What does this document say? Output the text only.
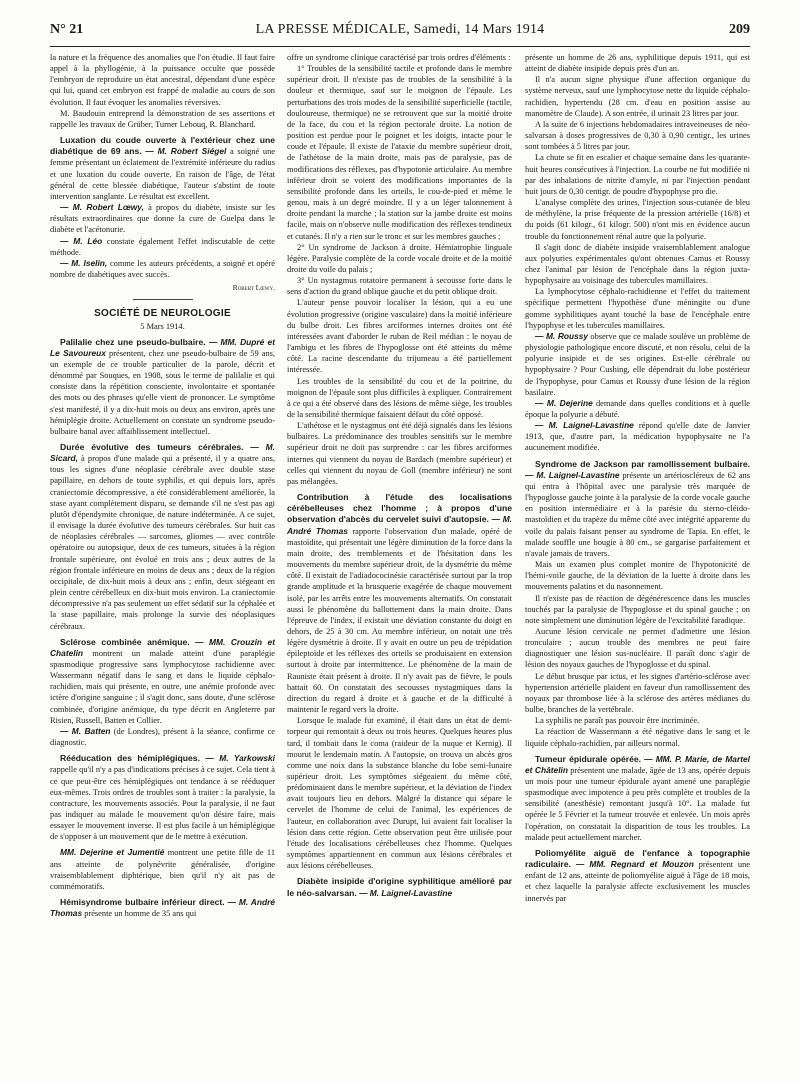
N° 21	LA PRESSE MÉDICALE, Samedi, 14 Mars 1914	209

la nature et la fréquence des anomalies que l'on étudie. Il faut faire appel à la phyllogénie, à la puissance occulte que possède l'embryon de reproduire un état ancestral, dépendant d'une espèce qui lui, quand cet embryon est frappé de maladie au cours de son évolution. Il faut évoquer les anomalies réversives.

M. Baudouin entreprend la démonstration de ses assertions et rappelle les travaux de Grüber, Turner Lebouq, R. Blanchard.

Luxation du coude ouverte à l'extérieur chez une diabétique de 69 ans. — M. Robert Siégel a soigné une femme présentant un éclatement de l'extrémité inférieure du radius et une luxation du coude ouverte. En raison de l'âge, de l'état général de cette blessée diabétique, l'auteur s'abstint de toute intervention sanglante. Le résultat est excellent.

— M. Robert Lœwy, à propos du diabète, insiste sur les résultats extraordinaires que donne la cure de Guelpa dans le diabète et l'acétonurie.

— M. Léo constate également l'effet indiscutable de cette méthode.

— M. Iselin, comme les auteurs précédents, a soigné et opéré nombre de diabétiques avec succès.

Robert Lœwy.

SOCIÉTÉ DE NEUROLOGIE

5 Mars 1914.

Palilalie chez une pseudo-bulbaire. — MM. Dupré et Le Savoureux présentent, chez une pseudo-bulbaire de 59 ans, un exemple de ce trouble particulier de la parole, décrit et dénommé par Souques, en 1908, sous le terme de palilalie et qui consiste dans la répétition consciente, involontaire et spontanée des mots ou des phrases qu'elle vient de prononcer. Le symptôme s'est manifesté, il y a dix-huit mois ou deux ans environ, après une hémiplégie droite. Actuellement on constate un syndrome pseudo-bulbaire banal avec affaiblissement intellectuel.

Durée évolutive des tumeurs cérébrales. — M. Sicard, à propos d'une malade qui a présenté, il y a quatre ans, tous les signes d'une néoplasie cérébrale avec double stase papillaire, en dehors de toute syphilis, et qui depuis lors, après craniectomie décompressive, a été considérablement améliorée, la stase ayant complètement disparu, se demande s'il ne s'est pas agi plutôt d'épendymite chronique, de nature indéterminée. A ce sujet, il envisage la durée évolutive des tumeurs cérébrales. Sur huit cas de néoplasies cérébrales — sarcomes, gliomes — avec contrôle opératoire ou autopsique, deux de ces tumeurs, situées à la région frontale supérieure, ont évolué en trois ans ; deux autres de la région frontale inférieure en moins de deux ans ; deux de la région occipitale, de dix-huit mois à deux ans ; enfin, deux siégeant en plein centre cérébelleux en dix-huit mois environ. La craniectomie décompressive n'a pas seulement un effet sédatif sur la céphalée et la stase papillaire, mais prolonge la survie des néoplasiques cérébraux.

Sclérose combinée anémique. — MM. Crouzin et Chatelin montrent un malade atteint d'une paraplégie spasmodique progressive sans lymphocytose rachidienne avec Wassermann négatif dans le sang et dans le liquide céphalo-rachidien, mais qui présente, en outre, une anémie profonde avec ictère d'origine sanguine ; il s'agit donc, sans doute, d'une sclérose combinée, d'origine anémique, du type décrit en Angleterre par Risien, Russell, Batten et Collier.

— M. Batten (de Londres), présent à la séance, confirme ce diagnostic.

Rééducation des hémiplégiques. — M. Yarkowski rappelle qu'il n'y a pas d'indications précises à ce sujet. Cela tient à ce que peut-être ces hémiplégiques ont tendance à se rééduquer eux-mêmes. Trois ordres de troubles sont à traiter : la paralysie, la contracture, les mouvements associés. Pour la paralysie, il ne faut pas indiquer au malade le mouvement qu'on désire faire, mais essayer le mouvement inverse. Il est plus facile à un hémiplégique de s'opposer à un mouvement que de le mettre à exécution.

MM. Dejerine et Jumentié montrent une petite fille de 11 ans atteinte de polynévrite généralisée, d'origine vraisemblablement diphtérique, bien qu'il n'y ait pas de commémoratifs.

Hémisyndrome bulbaire inférieur direct. — M. André Thomas présente un homme de 35 ans qui

offre un syndrome clinique caractérisé par trois ordres d'éléments :

1° Troubles de la sensibilité tactile et profonde dans le membre supérieur droit. Il n'existe pas de troubles de la sensibilité à la douleur et thermique, sauf sur le moignon de l'épaule. Les perturbations des trois modes de la sensibilité superficielle (tactile, douloureuse, thermique) ne se retrouvent que sur la moitié droite de la face, du cou et la région pectorale droite. La notion de position est perdue pour le poignet et les doigts, intacte pour le coude et l'épaule. Il existe de l'ataxie du membre supérieur droit, de l'athétose de la main droite, mais pas de paralysie, pas de modifications des réflexes, pas d'hypotonie articulaire. Au membre inférieur droit se voient des modifications importantes de la sensibilité profonde dans les orteils, le cou-de-pied et même le genou, mais à un degré moindre. Il y a un léger talonnement à droite pendant la marche ; la station sur la jambe droite est moins facile, mais on n'observe nulle modification des réflexes tendineux et cutanés. Il n'y a rien sur le tronc et sur les membres gauches ;

2° Un syndrome de Jackson à droite. Hémiatrophie linguale légère. Paralysie complète de la corde vocale droite et de la moitié droite du voile du palais ;

3° Un nystagmus rotatoire permanent à secousse forte dans le sens d'action du grand oblique gauche et du petit oblique droit.

L'auteur pense pouvoir localiser la lésion, qui a eu une évolution progressive (origine vasculaire) dans la moitié inférieure du bulbe droit. Les fibres arciformes internes droites ont été intéressées avant d'aborder le ruban de Reil médian : le noyau de l'ambigu et les fibres de l'hypoglosse ont été atteints du même côté. La racine descendante du trijumeau a été partiellement intéressée.

Les troubles de la sensibilité du cou et de la poitrine, du moignon de l'épaule sont plus difficiles à expliquer. Contrairement à ce qui a été observé dans des lésions de même siège, les troubles de la sensibilité thermique faisaient défaut du côté opposé.

L'athétose et le nystagmus ont été déjà signalés dans les lésions bulbaires. La prédominance des troubles sensitifs sur le membre supérieur droit ne doit pas surprendre : car les fibres arciformes internes qui viennent du noyau de Bardach (membre supérieur) et celles qui viennent du noyau de Goll (membre inférieur) ne sont pas mélangées.

Contribution à l'étude des localisations cérébelleuses chez l'homme ; à propos d'une observation d'abcès du cervelet suivi d'autopsie. — M. André Thomas rapporte l'observation d'un malade, opéré de mastoïdite, qui présentait une légère diminution de la force dans la main droite, des tremblements et de l'hésitation dans les mouvements du membre supérieur droit, de la dysmétrie du même côté. Il existait de l'adiadococinésie caractérisée surtout par la trop grande amplitude et la brusquerie exagérée de chaque mouvement isolé, par les arrêts entre les mouvements alternatifs. On constatait aussi le phénomène du ballottement dans la main droite. Dans l'épreuve de l'index, il existait une déviation constante du doigt en dehors, de 25 à 30 cm. Au membre inférieur, on notait une très légère dysmétrie à droite. Il y avait en outre un peu de trépidation épileptoïde et les réflexes des orteils se produisaient en extension surtout à droite par intermittence. Le phénomène de la main de Rauniste était présent à droite. Il n'y avait pas de fièvre, le pouls battait 60. On constatait des secousses nystagmiques dans la direction du regard à droite et à gauche et de la difficulté à maintenir le regard vers la droite.

Lorsque le malade fut examiné, il était dans un état de demi-torpeur qui remontait à deux ou trois heures. Quelques heures plus tard, il tombait dans le coma (raideur de la nuque et Kernig). Il mourut le lendemain matin. A l'autopsie, on trouva un abcès gros comme une noix dans la substance blanche du lobe semi-lunaire supérieur droit. Les symptômes siégeaient du même côté, prédominaient dans le membre supérieur, et la déviation de l'index avait toujours lieu en dehors. Malgré la distance qui sépare le cervelet de l'homme de celui de l'animal, les expériences de l'auteur, en collaboration avec Durupt, lui avaient fait localiser la lésion dans cette région. Cette observation peut être utilisée pour l'étude des localisations cérébelleuses chez l'homme. Quelques symptômes appartiennent en commun aux lésions cérébrales et aux lésions cérébelleuses.

Diabète insipide d'origine syphilitique amélioré par le néo-salvarsan. — M. Laignel-Lavastine

présente un homme de 26 ans, syphilitique depuis 1911, qui est atteint de diabète insipide depuis près d'un an.

Il n'a aucun signe physique d'une affection organique du système nerveux, sauf une lymphocytose nette du liquide céphalo-rachidien, hypertendu (28 cm. d'eau en position assise au manomètre de Claude). A son entrée, il urinait 23 litres par jour.

A la suite de 6 injections hebdomadaires intraveineuses de néo-salvarsan à doses progressives de 0,30 à 0,90 centigr., les urines sont tombées à 5 litres par jour.

La chute se fit en escalier et chaque semaine dans les quarante-huit heures consécutives à l'injection. La courbe ne fut modifiée ni par des inhalations de nitrite d'amyle, ni par l'injection pendant huit jours de 0,30 centigr. de poudre d'hypophyse pro die.

L'analyse complète des urines, l'injection sous-cutanée de bleu de méthylène, la prise fréquente de la pression artérielle (16/8) et du poids (61 kilogr., 61 kilogr. 500) n'ont mis en évidence aucun trouble du fonctionnement rénal autre que la polyurie.

Il s'agit donc de diabète insipide vraisemblablement analogue aux polyuries expérimentales qu'ont obtenues Camus et Roussy chez l'animal par lésion de l'encéphale dans la région juxta-hypophysaire au voisinage des tubercules mamillaires.

La lymphocytose céphalo-rachidienne et l'effet du traitement spécifique permettent l'hypothèse d'une méningite ou d'une gomme syphilitiques ayant touché la base de l'encéphale entre l'hypophyse et les tubercules mamillaires.

— M. Roussy observe que ce malade soulève un problème de physiologie pathologique encore discuté, et non résolu, celui de la polyurie insipide et de ses origines. Est-elle cérébrale ou hypophysaire ? Pour Cushing, elle dépendrait du lobe postérieur de l'hypophyse, pour Camus et Roussy d'une lésion de la région basilaire.

— M. Dejerine demande dans quelles conditions et à quelle époque la polyurie a débuté.

— M. Laignel-Lavastine répond qu'elle date de Janvier 1913, que, d'autre part, la médication hypophysaire ne l'a aucunement modifiée.

Syndrome de Jackson par ramollissement bulbaire. — M. Laignel-Lavastine présente un artérioscléreux de 62 ans qui entra à l'hôpital avec une paralysie très marquée de l'hypoglosse gauche jointe à la paralysie de la corde vocale gauche en position intermédiaire et à la parésie du sterno-cléido-mastoïdien et du trapèze du même côté avec intégrité apparente du voile du palais faisant penser au syndrome de Tapia. En effet, le malade souffle une bougie à 80 cm., se gargarise parfaitement et n'avale jamais de travers.

Mais un examen plus complet montre de l'hypotonicité de l'hémi-voile gauche, de la déviation de la luette à droite dans les mouvements palatins et du nasonnement.

Il n'existe pas de réaction de dégénérescence dans les muscles touchés par la paralysie de l'hypoglosse et du spinal gauche ; on note simplement une diminution légère de l'excitabilité faradique.

Aucune lésion cervicale ne permet d'admettre une lésion tronculaire ; aucun trouble des membres ne peut faire diagnostiquer une lésion sus-nucléaire. Il paraît donc s'agir de lésion des noyaux gauches de l'hypoglosse et du spinal.

Le début brusque par ictus, et les signes d'artério-sclérose avec hypertension artérielle plaident en faveur d'un ramollissement des noyaux par thrombose liée à la sclérose des artères médianes du bulbe, branches de la vertébrale.

La syphilis ne paraît pas pouvoir être incriminée.

La réaction de Wassermann a été négative dans le sang et le liquide céphalo-rachidien, par ailleurs normal.

Tumeur épidurale opérée. — MM. P. Marie, de Martel et Châtelin présentent une malade, âgée de 13 ans, opérée depuis un mois pour une tumeur épidurale ayant amené une paraplégie spasmodique avec impotence à peu près complète et troubles de la sensibilité (anesthésie) remontant jusqu'à 10°. La malade fut opérée le 5 Février et la tumeur trouvée et enlevée. Un mois après l'opération, on constatait la disparition de tous les troubles. La malade peut actuellement marcher.

Poliomyélite aiguë de l'enfance à topographie radiculaire. — MM. Regnard et Mouzon présentent une enfant de 12 ans, atteinte de poliomyélite aiguë à l'âge de 18 mois, et chez laquelle la paralysie affecte exclusivement les muscles innervés par
